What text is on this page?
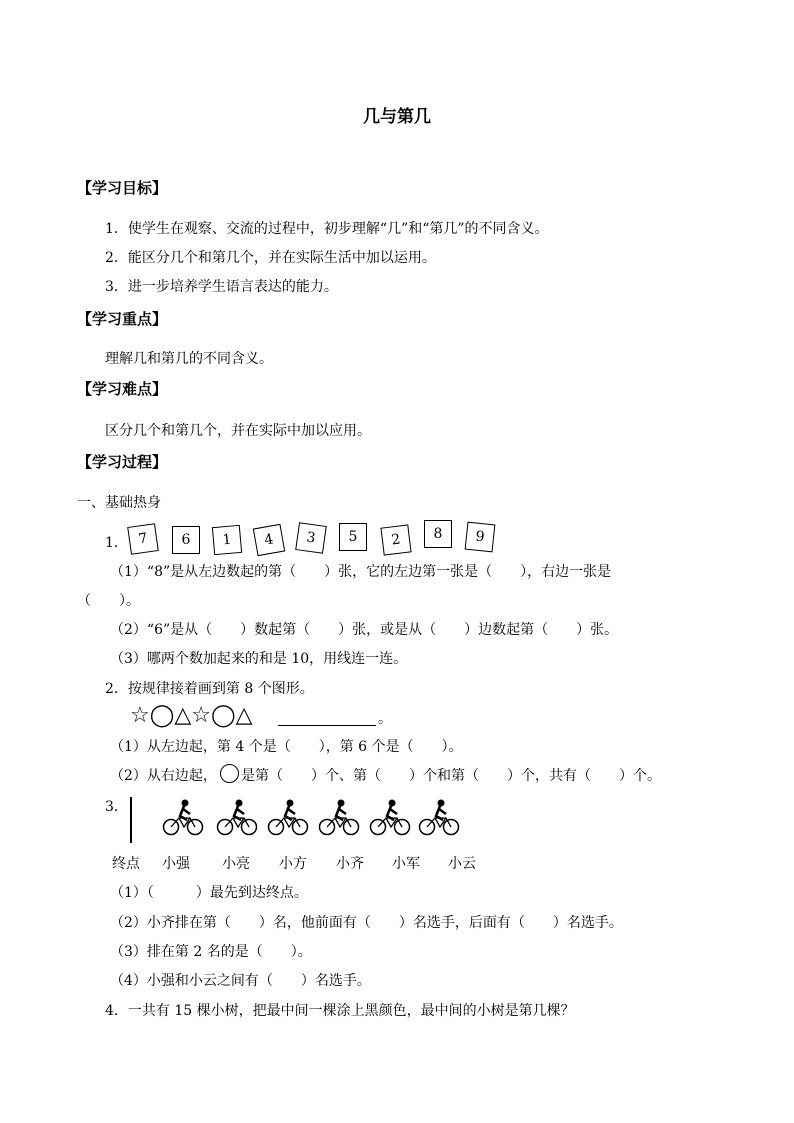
几与第几
【学习目标】
1．使学生在观察、交流的过程中，初步理解“几”和“第几”的不同含义。
2．能区分几个和第几个，并在实际生活中加以运用。
3．进一步培养学生语言表达的能力。
【学习重点】
理解几和第几的不同含义。
【学习难点】
区分几个和第几个，并在实际中加以应用。
【学习过程】
一、基础热身
1． 7	6	1	4	3	5	2	8	9
（1）“8”是从左边数起的第（　　）张，它的左边第一张是（　　），右边一张是
（　　）。
（2）“6”是从（　　）数起第（　　）张，或是从（　　）边数起第（　　）张。
（3）哪两个数加起来的和是 10，用线连一连。
2．按规律接着画到第 8 个图形。
☆◯△☆◯△	。
（1）从左边起，第 4 个是（　　），第 6 个是（　　）。
（2）从右边起， 是第（　　）个、第（　　）个和第（　　）个，共有（　　）个。
3．
终点 小强 小亮 小方 小齐 小军 小云
（1）（　　　）最先到达终点。
（2）小齐排在第（　　）名，他前面有（　　）名选手，后面有（　　）名选手。
（3）排在第 2 名的是（　　）。
（4）小强和小云之间有（　　）名选手。
4．一共有 15 棵小树，把最中间一棵涂上黑颜色，最中间的小树是第几棵？
